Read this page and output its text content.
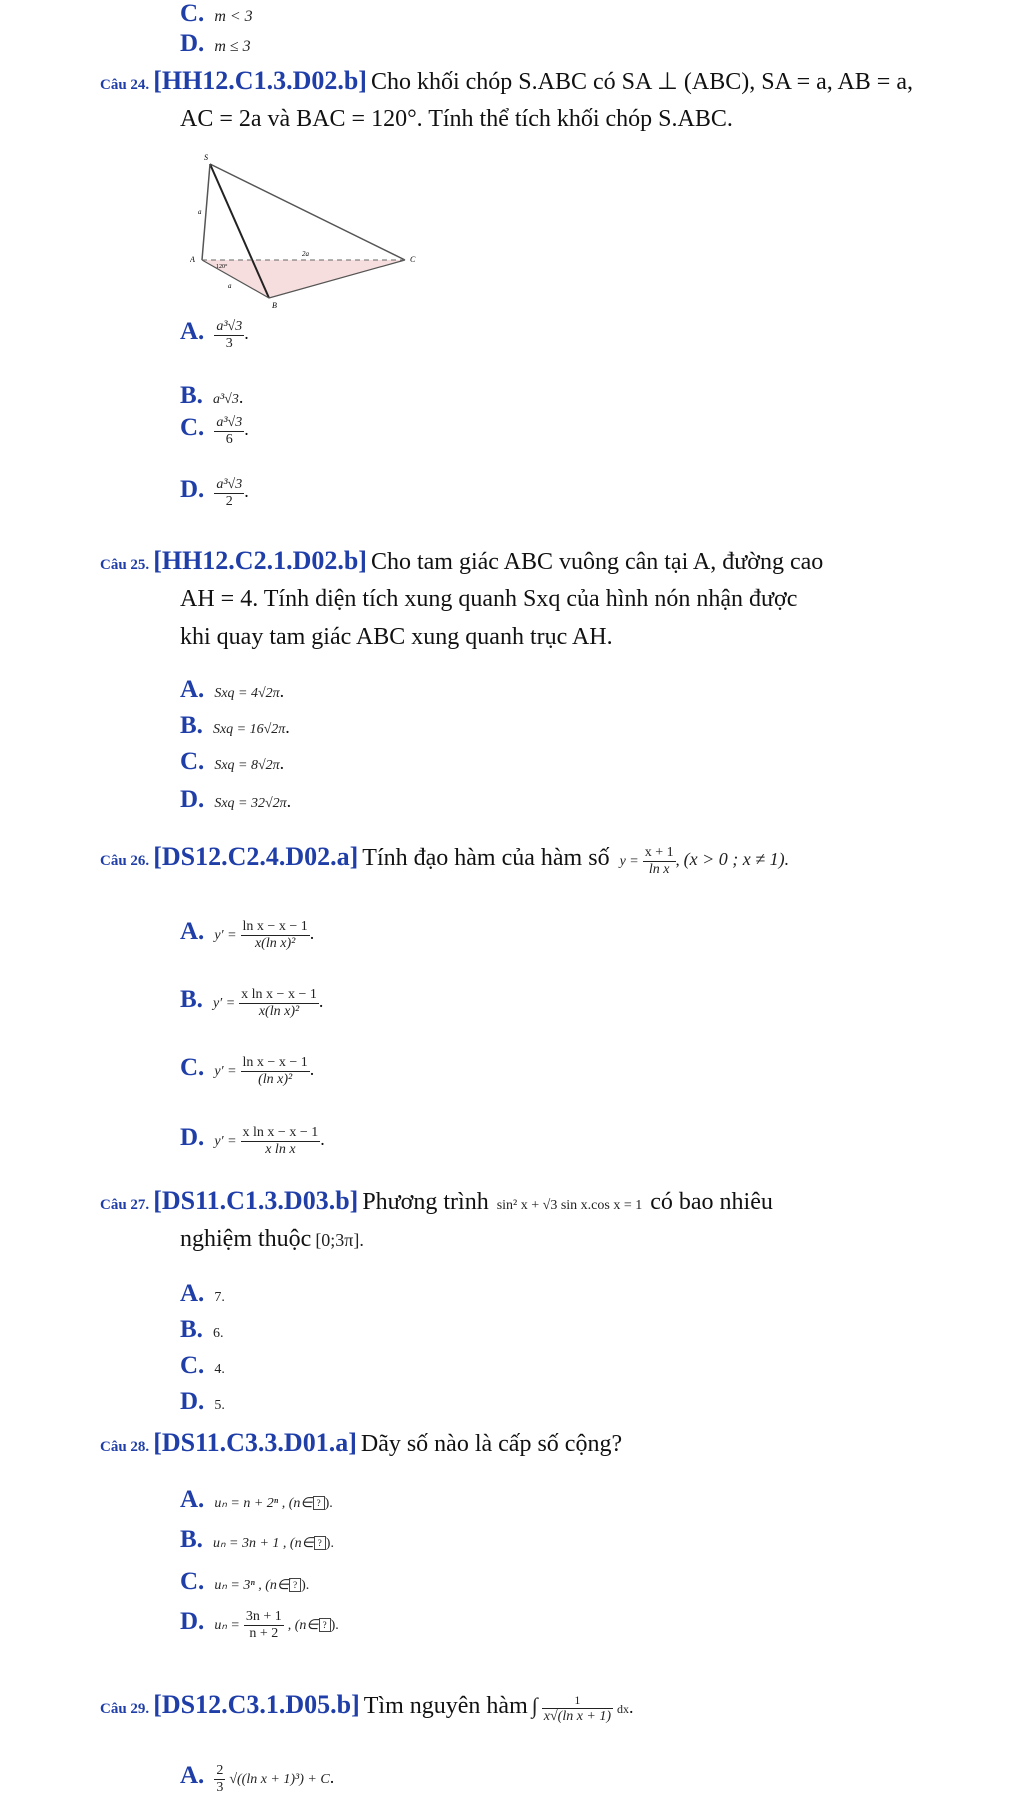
C. m < 3
D. m ≤ 3
Câu 24. [HH12.C1.3.D02.b] Cho khối chóp S.ABC có SA ⊥ (ABC), SA = a, AB = a,
AC = 2a và BAC = 120°. Tính thể tích khối chóp S.ABC.
S
A
B
C
a
a
2a
120°
A. $\frac{\text{a³√3}}{3}$ .
B. a³√3.
C. $\frac{\text{a³√3}}{6}$ .
D. $\frac{\text{a³√3}}{2}$ .
Câu 25. [HH12.C2.1.D02.b] Cho tam giác ABC vuông cân tại A, đường cao
AH = 4. Tính diện tích xung quanh Sxq của hình nón nhận được
khi quay tam giác ABC xung quanh trục AH.
A. Sxq = 4√2π.
B. Sxq = 16√2π.
C. Sxq = 8√2π.
D. Sxq = 32√2π.
Câu 26. [DS12.C2.4.D02.a] Tính đạo hàm của hàm số $y = \frac{x + 1}{\text{ln x}}$ , (x > 0 ; x ≠ 1).
A. $y' = \frac{\text{ln x − x − 1}}{\text{x(ln x)²}}$ .
B. $y' = \frac{\text{x ln x − x − 1}}{\text{x(ln x)²}}$ .
C. $y' = \frac{\text{ln x − x − 1}}{\text{(ln x)²}}$ .
D. $y' = \frac{\text{x ln x − x − 1}}{\text{x ln x}}$ .
Câu 27. [DS11.C1.3.D03.b] Phương trình sin² x + √3 sin x.cos x = 1 có bao nhiêu
nghiệm thuộc [0;3π].
A. 7.
B. 6.
C. 4.
D. 5.
Câu 28. [DS11.C3.3.D01.a] Dãy số nào là cấp số cộng?
A. uₙ = n + 2ⁿ , (n∈ ? ).
B. uₙ = 3n + 1 , (n∈ ? ).
C. uₙ = 3ⁿ , (n∈ ? ).
D. $u_n = \frac{3n + 1}{n + 2}$ , (n∈ ? ).
Câu 29. [DS12.C3.1.D05.b] Tìm nguyên hàm ∫ $\frac{1}{\text{x√(ln x + 1)}}$ dx.
A. $\frac{2}{3} √((\ln$ x + 1)³) + C.
